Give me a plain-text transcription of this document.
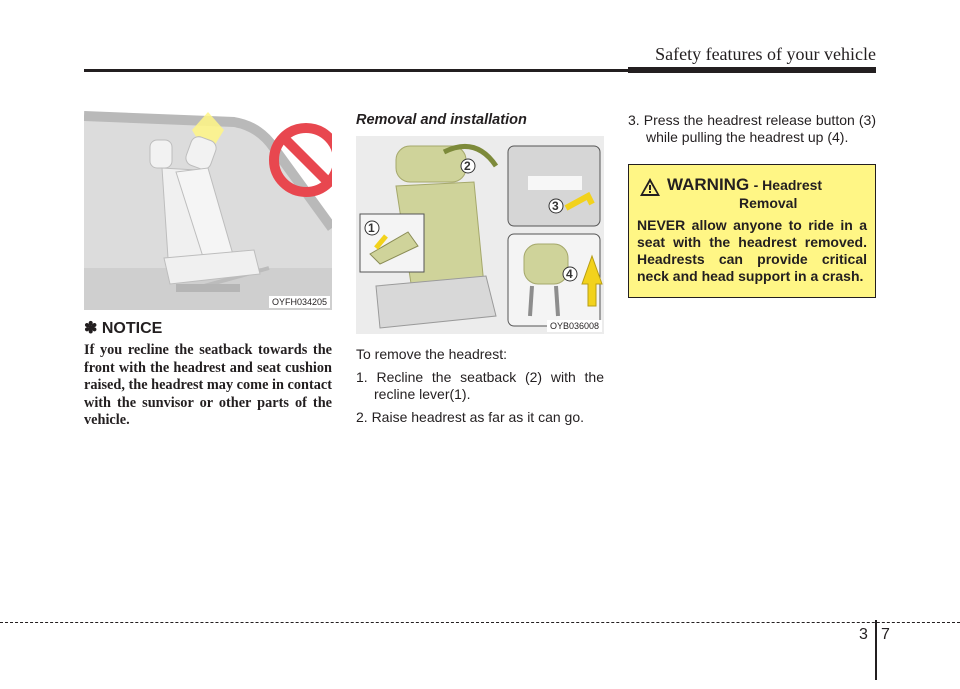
Safety features of your vehicle
OYFH034205
✽ NOTICE
If you recline the seatback towards the front with the headrest and seat cushion raised, the headrest may come in contact with the sunvisor or other parts of the vehicle.
Removal and installation
1
2
3
4
OYB036008
To remove the headrest:
1. Recline the seatback (2) with the recline lever(1).
2. Raise headrest as far as it can go.
3. Press the headrest release button (3) while pulling the headrest up (4).
WARNING - Headrest
Removal
NEVER allow anyone to ride in a seat with the headrest removed. Headrests can provide critical neck and head support in a crash.
3 7
